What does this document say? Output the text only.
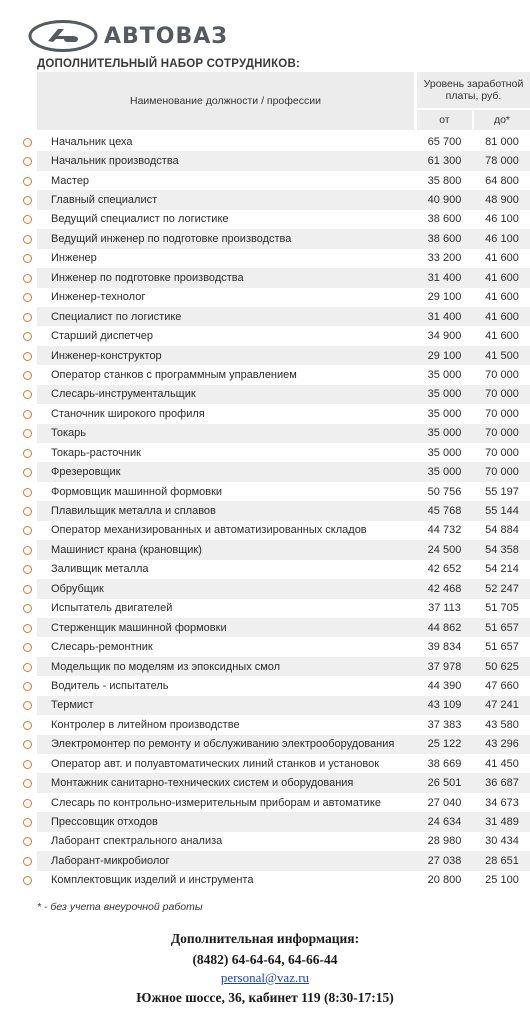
АВТОВАЗ
ДОПОЛНИТЕЛЬНЫЙ НАБОР СОТРУДНИКОВ:
Наименование должности / профессии
Уровень заработной платы, руб.
от	до*
Начальник цеха	65 700	81 000
Начальник производства	61 300	78 000
Мастер	35 800	64 800
Главный специалист	40 900	48 900
Ведущий специалист по логистике	38 600	46 100
Ведущий инженер по подготовке производства	38 600	46 100
Инженер	33 200	41 600
Инженер по подготовке производства	31 400	41 600
Инженер-технолог	29 100	41 600
Специалист по логистике	31 400	41 600
Старший диспетчер	34 900	41 600
Инженер-конструктор	29 100	41 500
Оператор станков с программным управлением	35 000	70 000
Слесарь-инструментальщик	35 000	70 000
Станочник широкого профиля	35 000	70 000
Токарь	35 000	70 000
Токарь-расточник	35 000	70 000
Фрезеровщик	35 000	70 000
Формовщик машинной формовки	50 756	55 197
Плавильщик металла и сплавов	45 768	55 144
Оператор механизированных и автоматизированных складов	44 732	54 884
Машинист крана (крановщик)	24 500	54 358
Заливщик металла	42 652	54 214
Обрубщик	42 468	52 247
Испытатель двигателей	37 113	51 705
Стерженщик машинной формовки	44 862	51 657
Слесарь-ремонтник	39 834	51 657
Модельщик по моделям из эпоксидных смол	37 978	50 625
Водитель - испытатель	44 390	47 660
Термист	43 109	47 241
Контролер в литейном производстве	37 383	43 580
Электромонтер по ремонту и обслуживанию электрооборудования	25 122	43 296
Оператор авт. и полуавтоматических линий станков и установок	38 669	41 450
Монтажник санитарно-технических систем и оборудования	26 501	36 687
Слесарь по контрольно-измерительным приборам и автоматике	27 040	34 673
Прессовщик отходов	24 634	31 489
Лаборант спектрального анализа	28 980	30 434
Лаборант-микробиолог	27 038	28 651
Комплектовщик изделий и инструмента	20 800	25 100
* - без учета внеурочной работы
Дополнительная информация:
(8482) 64-64-64, 64-66-44
personal@vaz.ru
Южное шоссе, 36, кабинет 119 (8:30-17:15)
